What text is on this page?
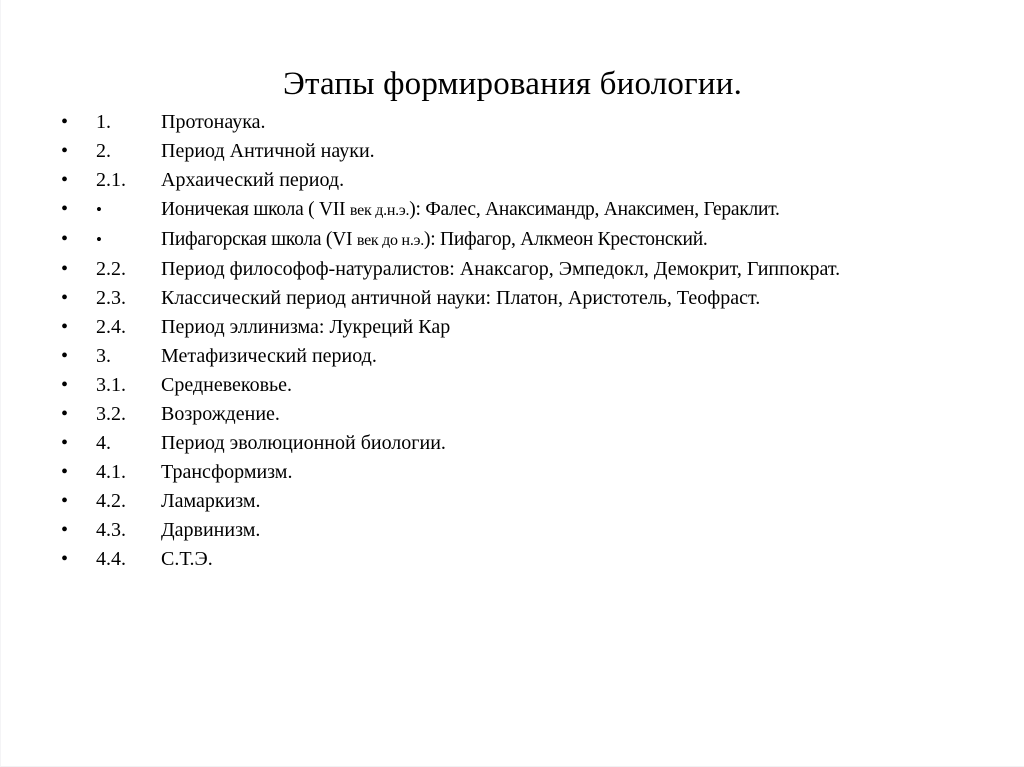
Этапы формирования биологии.
• 1.	Протонаука.
• 2.	Период Античной науки.
• 2.1. Архаический период.
• •	Ионичекая школа ( VII век д.н.э.): Фалес, Анаксимандр, Анаксимен, Гераклит.
• •	Пифагорская школа (VI век до н.э.): Пифагор, Алкмеон Крестонский.
• 2.2. Период философоф-натуралистов: Анаксагор, Эмпедокл, Демокрит, Гиппократ.
• 2.3. Классический период античной науки: Платон, Аристотель, Теофраст.
• 2.4. Период эллинизма: Лукреций Кар
• 3.	Метафизический период.
• 3.1. Средневековье.
• 3.2. Возрождение.
• 4.	Период эволюционной биологии.
• 4.1. Трансформизм.
• 4.2. Ламаркизм.
• 4.3. Дарвинизм.
• 4.4. С.Т.Э.
